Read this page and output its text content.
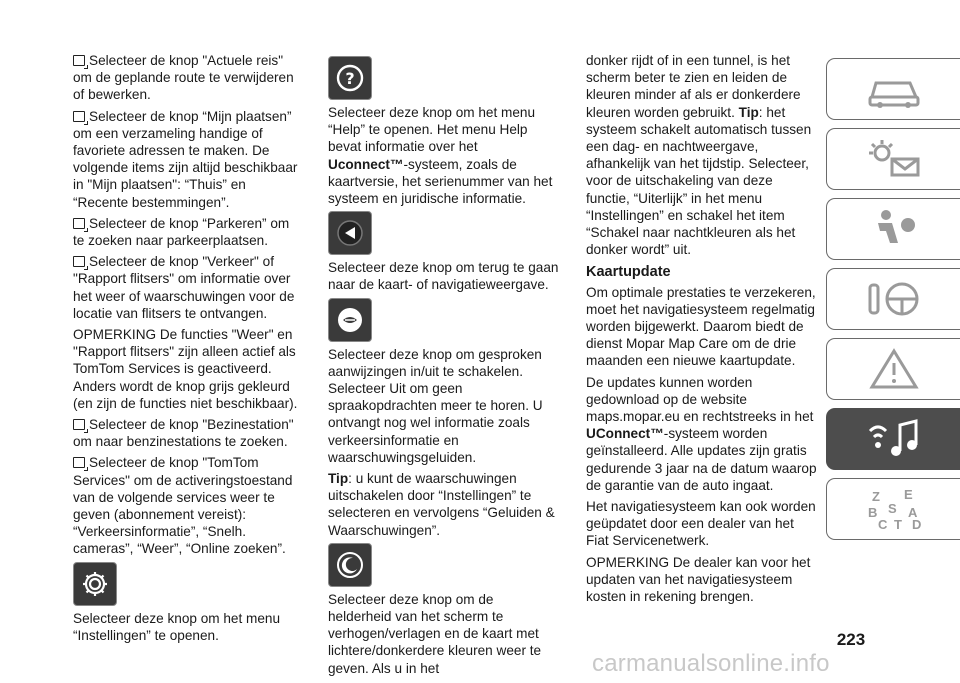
Selecteer de knop "Actuele reis" om de geplande route te verwijderen of bewerken.

Selecteer de knop “Mijn plaatsen” om een verzameling handige of favoriete adressen te maken. De volgende items zijn altijd beschikbaar in "Mijn plaatsen": “Thuis” en “Recente bestemmingen”.

Selecteer de knop “Parkeren” om te zoeken naar parkeerplaatsen.

Selecteer de knop "Verkeer" of "Rapport flitsers" om informatie over het weer of waarschuwingen voor de locatie van flitsers te ontvangen.

OPMERKING De functies "Weer" en "Rapport flitsers" zijn alleen actief als TomTom Services is geactiveerd. Anders wordt de knop grijs gekleurd (en zijn de functies niet beschikbaar).

Selecteer de knop "Bezinestation" om naar benzinestations te zoeken.

Selecteer de knop "TomTom Services" om de activeringstoestand van de volgende services weer te geven (abonnement vereist): “Verkeersinformatie”, “Snelh. cameras”, “Weer”, “Online zoeken”.

Selecteer deze knop om het menu “Instellingen” te openen.

?

Selecteer deze knop om het menu “Help” te openen. Het menu Help bevat informatie over het Uconnect™-systeem, zoals de kaartversie, het serienummer van het systeem en juridische informatie.

Selecteer deze knop om terug te gaan naar de kaart- of navigatieweergave.

Selecteer deze knop om gesproken aanwijzingen in/uit te schakelen. Selecteer Uit om geen spraakopdrachten meer te horen. U ontvangt nog wel informatie zoals verkeersinformatie en waarschuwingsgeluiden.

Tip: u kunt de waarschuwingen uitschakelen door “Instellingen” te selecteren en vervolgens “Geluiden & Waarschuwingen”.

Selecteer deze knop om de helderheid van het scherm te verhogen/verlagen en de kaart met lichtere/donkerdere kleuren weer te geven. Als u in het

donker rijdt of in een tunnel, is het scherm beter te zien en leiden de kleuren minder af als er donkerdere kleuren worden gebruikt. Tip: het systeem schakelt automatisch tussen een dag- en nachtweergave, afhankelijk van het tijdstip. Selecteer, voor de uitschakeling van deze functie, “Uiterlijk” in het menu “Instellingen” en schakel het item “Schakel naar nachtkleuren als het donker wordt” uit.

Kaartupdate

Om optimale prestaties te verzekeren, moet het navigatiesysteem regelmatig worden bijgewerkt. Daarom biedt de dienst Mopar Map Care om de drie maanden een nieuwe kaartupdate.

De updates kunnen worden gedownload op de website maps.mopar.eu en rechtstreeks in het UConnect™-systeem worden geïnstalleerd. Alle updates zijn gratis gedurende 3 jaar na de datum waarop de garantie van de auto ingaat.

Het navigatiesysteem kan ook worden geüpdatet door een dealer van het Fiat Servicenetwerk.

OPMERKING De dealer kan voor het updaten van het navigatiesysteem kosten in rekening brengen.

Z E
B S A
C T D
223
carmanualsonline.info
